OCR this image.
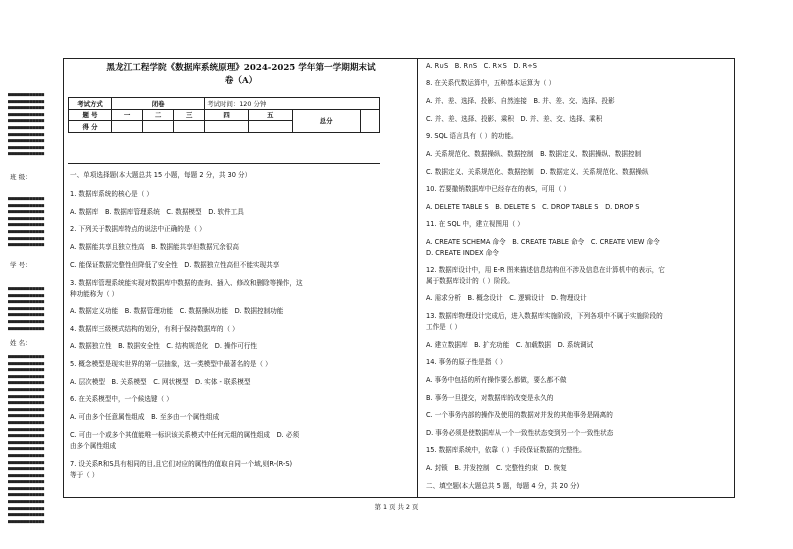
■■■■■■■■■■■■
■■■■■■■■■■■■
■■■■■■■■■■■■
■■■■■■■■■■■■
■■■■■■■■■■■■
■■■■■■■■■■■■
■■■■■■■■■■■■
■■■■■■■■■■■■
■■■■■■■■■■■■
■■■■■■■■■■■■
班 级：
■■■■■■■■■■■■
■■■■■■■■■■■■
■■■■■■■■■■■■
■■■■■■■■■■■■
■■■■■■■■■■■■
■■■■■■■■■■■■
■■■■■■■■■■■■
■■■■■■■■■■■■
学 号：
■■■■■■■■■■■■
■■■■■■■■■■■■
■■■■■■■■■■■■
■■■■■■■■■■■■
■■■■■■■■■■■■
■■■■■■■■■■■■
■■■■■■■■■■■■
姓 名：
■■■■■■■■■■■■
■■■■■■■■■■■■
■■■■■■■■■■■■
■■■■■■■■■■■■
■■■■■■■■■■■■
■■■■■■■■■■■■
■■■■■■■■■■■■
■■■■■■■■■■■■
■■■■■■■■■■■■
■■■■■■■■■■■■
■■■■■■■■■■■■
■■■■■■■■■■■■
■■■■■■■■■■■■
■■■■■■■■■■■■
■■■■■■■■■■■■
■■■■■■■■■■■■
■■■■■■■■■■■■
■■■■■■■■■■■■
■■■■■■■■■■■■
■■■■■■■■■■■■
■■■■■■■■■■■■
■■■■■■■■■■■■
■■■■■■■■■■■■
■■■■■■■■■■■■
■■■■■■■■■■■■
■■■■■■■■■■■■
黑龙江工程学院《数据库系统原理》2024-2025 学年第一学期期末试
卷（A）
考试方式	闭卷			考试时间：120 分钟			
题 号	一	二	三	四	五	总分	
得 分							

一、单项选择题(本大题总共 15 小题，每题 2 分，共 30 分）
1. 数据库系统的核心是（ ）
A. 数据库　B. 数据库管理系统　C. 数据模型　D. 软件工具
2. 下列关于数据库特点的说法中正确的是（ ）
A. 数据能共享且独立性高　B. 数据能共享但数据冗余很高
C. 能保证数据完整性但降低了安全性　D. 数据独立性高但不能实现共享
3. 数据库管理系统能实现对数据库中数据的查询、插入、修改和删除等操作，这
种功能称为（ ）
A. 数据定义功能　B. 数据管理功能　C. 数据操纵功能　D. 数据控制功能
4. 数据库三级模式结构的划分，有利于保持数据库的（ ）
A. 数据独立性　B. 数据安全性　C. 结构规范化　D. 操作可行性
5. 概念模型是现实世界的第一层抽象，这一类模型中最著名的是（ ）
A. 层次模型　B. 关系模型　C. 网状模型　D. 实体 - 联系模型
6. 在关系模型中，一个候选键（ ）
A. 可由多个任意属性组成　B. 至多由一个属性组成
C. 可由一个或多个其值能唯一标识该关系模式中任何元组的属性组成　D. 必须
由多个属性组成
7. 设关系R和S具有相同的目,且它们对应的属性的值取自同一个域,则R-(R-S)
等于（ ）
A. R∪S　B. R∩S　C. R×S　D. R÷S
8. 在关系代数运算中，五种基本运算为（ ）
A. 并、差、选择、投影、自然连接　B. 并、差、交、选择、投影
C. 并、差、选择、投影、乘积　D. 并、差、交、选择、乘积
9. SQL 语言具有（ ）的功能。
A. 关系规范化、数据操纵、数据控制　B. 数据定义、数据操纵、数据控制
C. 数据定义、关系规范化、数据控制　D. 数据定义、关系规范化、数据操纵
10. 若要撤销数据库中已经存在的表S，可用（ ）
A. DELETE TABLE S　B. DELETE S　C. DROP TABLE S　D. DROP S
11. 在 SQL 中，建立视图用（ ）
A. CREATE SCHEMA 命令　B. CREATE TABLE 命令　C. CREATE VIEW 命令
D. CREATE INDEX 命令
12. 数据库设计中，用 E-R 图来描述信息结构但不涉及信息在计算机中的表示，它
属于数据库设计的（ ）阶段。
A. 需求分析　B. 概念设计　C. 逻辑设计　D. 物理设计
13. 数据库物理设计完成后，进入数据库实施阶段，下列各项中不属于实施阶段的
工作是（ ）
A. 建立数据库　B. 扩充功能　C. 加载数据　D. 系统调试
14. 事务的原子性是指（ ）
A. 事务中包括的所有操作要么都做，要么都不做
B. 事务一旦提交，对数据库的改变是永久的
C. 一个事务内部的操作及使用的数据对并发的其他事务是隔离的
D. 事务必须是使数据库从一个一致性状态变到另一个一致性状态
15. 数据库系统中，依靠（ ）手段保证数据的完整性。
A. 封锁　B. 并发控制　C. 完整性约束　D. 恢复
二、填空题(本大题总共 5 题，每题 4 分，共 20 分)
第 1 页 共 2 页
